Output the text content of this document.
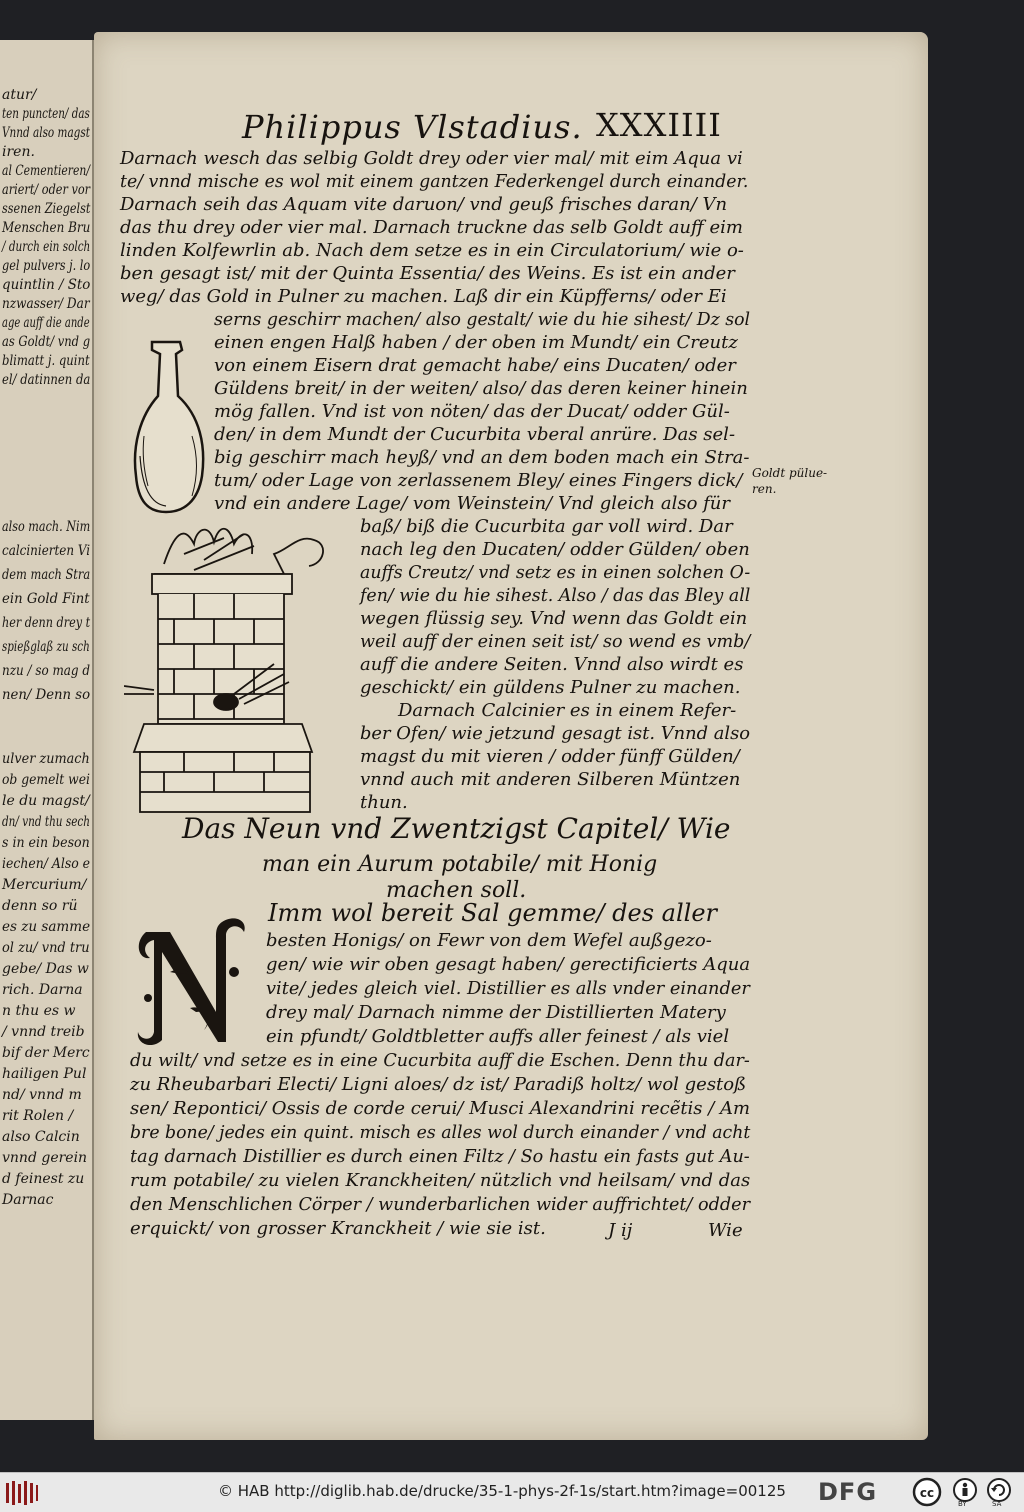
atur/
ten puncten/ das
Vnnd also magst
iren.
al Cementieren/
ariert/ oder vor
ssenen Ziegelst
Menschen Bru
/ durch ein solch
gel pulvers j. lo
quintlin / Sto
nzwasser/ Dar
age auff die ande
as Goldt/ vnd g
blimatt j. quint
el/ datinnen da
also mach. Nim
calcinierten Vi
dem mach Stra
ein Gold Fint
her denn drey t
spießglaß zu sch
nzu / so mag d
nen/ Denn so
ulver zumach
ob gemelt wei
le du magst/
dn/ vnd thu sech
s in ein beson
iechen/ Also e
Mercurium/
denn so rü
es zu samme
ol zu/ vnd tru
gebe/ Das w
rich. Darna
n thu es w
/ vnnd treib
bif der Merc
hailigen Pul
nd/ vnnd m
rit Rolen /
also Calcin
vnnd gerein
d feinest zu
Darnac
Philippus Vlstadius. XXXIIII
Darnach wesch das selbig Goldt drey oder vier mal/ mit eim Aqua vi
te/ vnnd mische es wol mit einem gantzen Federkengel durch einander.
Darnach seih das Aquam vite daruon/ vnd geuß frisches daran/ Vn
das thu drey oder vier mal. Darnach truckne das selb Goldt auff eim
linden Kolfewrlin ab. Nach dem setze es in ein Circulatorium/ wie o-
ben gesagt ist/ mit der Quinta Essentia/ des Weins. Es ist ein ander
weg/ das Gold in Pulner zu machen. Laß dir ein Küpfferns/ oder Ei
serns geschirr machen/ also gestalt/ wie du hie sihest/ Dz sol
einen engen Halß haben / der oben im Mundt/ ein Creutz
von einem Eisern drat gemacht habe/ eins Ducaten/ oder
Güldens breit/ in der weiten/ also/ das deren keiner hinein
mög fallen. Vnd ist von nöten/ das der Ducat/ odder Gül-
den/ in dem Mundt der Cucurbita vberal anrüre. Das sel-
big geschirr mach heyß/ vnd an dem boden mach ein Stra-
tum/ oder Lage von zerlassenem Bley/ eines Fingers dick/
vnd ein andere Lage/ vom Weinstein/ Vnd gleich also für
baß/ biß die Cucurbita gar voll wird. Dar
nach leg den Ducaten/ odder Gülden/ oben
auffs Creutz/ vnd setz es in einen solchen O-
fen/ wie du hie sihest. Also / das das Bley all
wegen flüssig sey. Vnd wenn das Goldt ein
weil auff der einen seit ist/ so wend es vmb/
auff die andere Seiten. Vnnd also wirdt es
geschickt/ ein güldens Pulner zu machen.
Darnach Calcinier es in einem Refer-
ber Ofen/ wie jetzund gesagt ist. Vnnd also
magst du mit vieren / odder fünff Gülden/
vnnd auch mit anderen Silberen Müntzen
thun.
Goldt pülue-
ren.
Das Neun vnd Zwentzigst Capitel/ Wie
man ein Aurum potabile/ mit Honig
machen soll.
Imm wol bereit Sal gemme/ des aller
besten Honigs/ on Fewr von dem Wefel außgezo-
gen/ wie wir oben gesagt haben/ gerectificierts Aqua
vite/ jedes gleich viel. Distillier es alls vnder einander
drey mal/ Darnach nimme der Distillierten Matery
ein pfundt/ Goldtbletter auffs aller feinest / als viel
du wilt/ vnd setze es in eine Cucurbita auff die Eschen. Denn thu dar-
zu Rheubarbari Electi/ Ligni aloes/ dz ist/ Paradiß holtz/ wol gestoß
sen/ Repontici/ Ossis de corde cerui/ Musci Alexandrini recẽtis / Am
bre bone/ jedes ein quint. misch es alles wol durch einander / vnd acht
tag darnach Distillier es durch einen Filtz / So hastu ein fasts gut Au-
rum potabile/ zu vielen Kranckheiten/ nützlich vnd heilsam/ vnd das
den Menschlichen Cörper / wunderbarlichen wider auffrichtet/ odder
erquickt/ von grosser Kranckheit / wie sie ist.	J ij	Wie
© HAB http://diglib.hab.de/drucke/35-1-phys-2f-1s/start.htm?image=00125 DFG	cc
BY	SA
